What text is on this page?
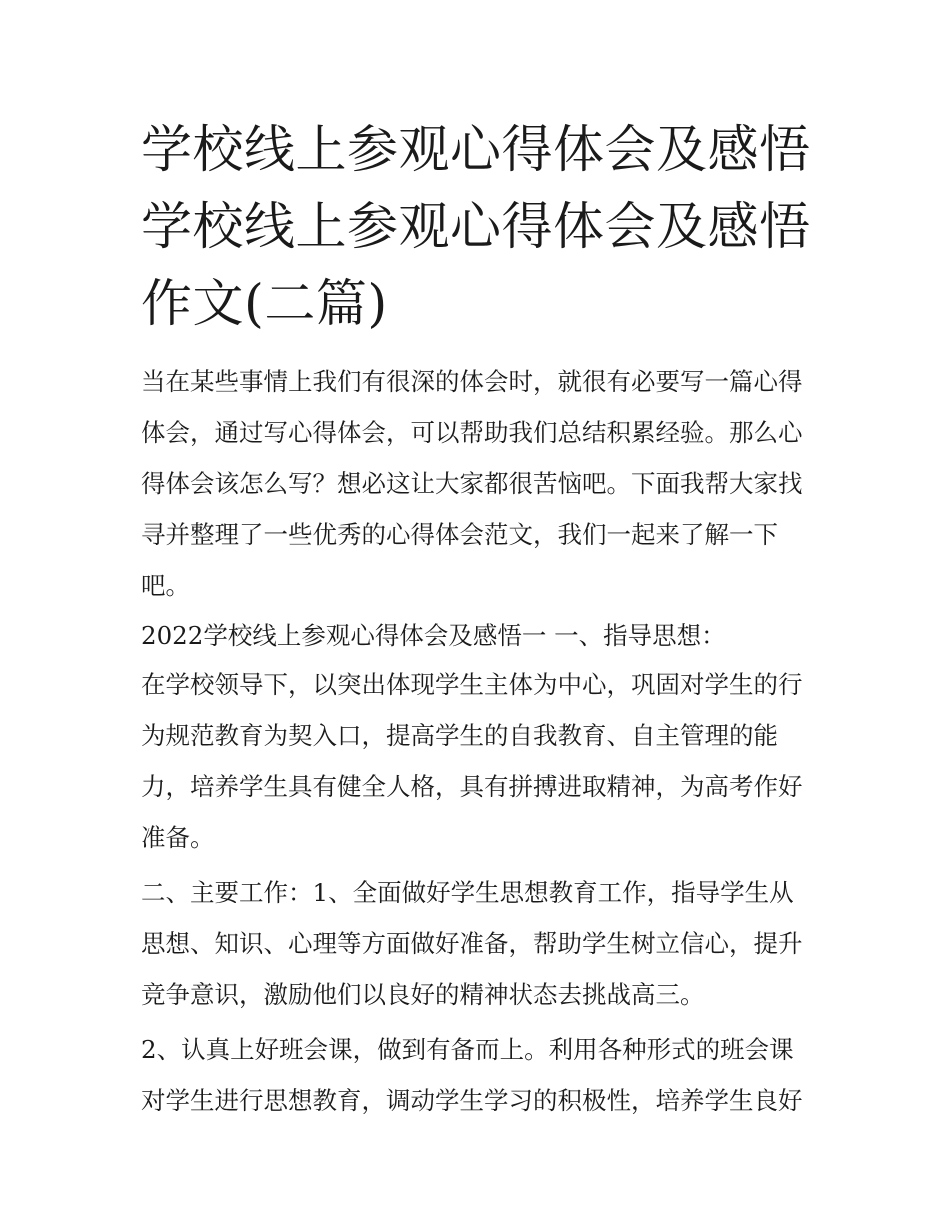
学校线上参观心得体会及感悟
学校线上参观心得体会及感悟
作文(二篇)

当在某些事情上我们有很深的体会时，就很有必要写一篇心得
体会，通过写心得体会，可以帮助我们总结积累经验。那么心
得体会该怎么写？想必这让大家都很苦恼吧。下面我帮大家找
寻并整理了一些优秀的心得体会范文，我们一起来了解一下
吧。

2022学校线上参观心得体会及感悟一 一、指导思想：

在学校领导下，以突出体现学生主体为中心，巩固对学生的行
为规范教育为契入口，提高学生的自我教育、自主管理的能
力，培养学生具有健全人格，具有拼搏进取精神，为高考作好
准备。

二、主要工作：1、全面做好学生思想教育工作，指导学生从
思想、知识、心理等方面做好准备，帮助学生树立信心，提升
竞争意识，激励他们以良好的精神状态去挑战高三。

2、认真上好班会课，做到有备而上。利用各种形式的班会课
对学生进行思想教育，调动学生学习的积极性，培养学生良好
